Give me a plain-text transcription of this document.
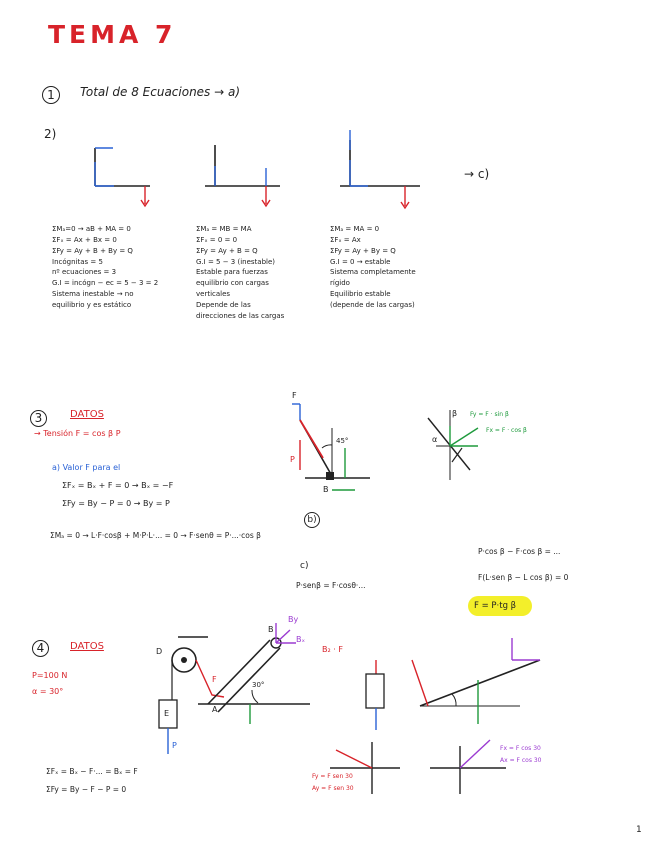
TEMA 7
1	Total de 8 Ecuaciones → a)
2)
→ c)
ΣMₐ=0 → aB + MA = 0
ΣFₓ = Ax + Bx = 0
ΣFy = Ay + B + By = Q
Incógnitas = 5
nº ecuaciones = 3
G.I = incógn − ec = 5 − 3 = 2
Sistema inestable → no
equilibrio y es estático
ΣMₐ = MB = MA
ΣFₓ = 0 = 0
ΣFy = Ay + B = Q
G.I = 5 − 3 (inestable)
Estable para fuerzas
equilibrio con cargas
verticales
Depende de las
direcciones de las cargas
ΣMₐ = MA = 0
ΣFₓ = Ax
ΣFy = Ay + By = Q
G.I = 0 → estable
Sistema completamente
rígido
Equilibrio estable
(depende de las cargas)
3	DATOS
→ Tensión F = cos β P
a) Valor F para el
ΣFₓ = Bₓ + F = 0 → Bₓ = −F
ΣFy = By − P = 0 → By = P
ΣMₐ = 0 → L·F·cosβ + M·P·L·... = 0 → F·senθ = P·...·cos β
b)
P·cos β − F·cos β = ...
F(L·sen β − L cos β) = 0
c)
P·senβ = F·cosθ·...
F = P·tg β
F
P
B
45°	α
β Fy = F · sin β
Fx = F · cos β
4	DATOS
P=100 N
α = 30°
ΣFₓ = Bₓ − F·... = Bₓ = F
ΣFy = By − F − P = 0
D
E	A
B
30°
F
P
Bₓ
By
B₂ · F
Fy = F sen 30
Ay = F sen 30
Fx = F cos 30
Ax = F cos 30
1
